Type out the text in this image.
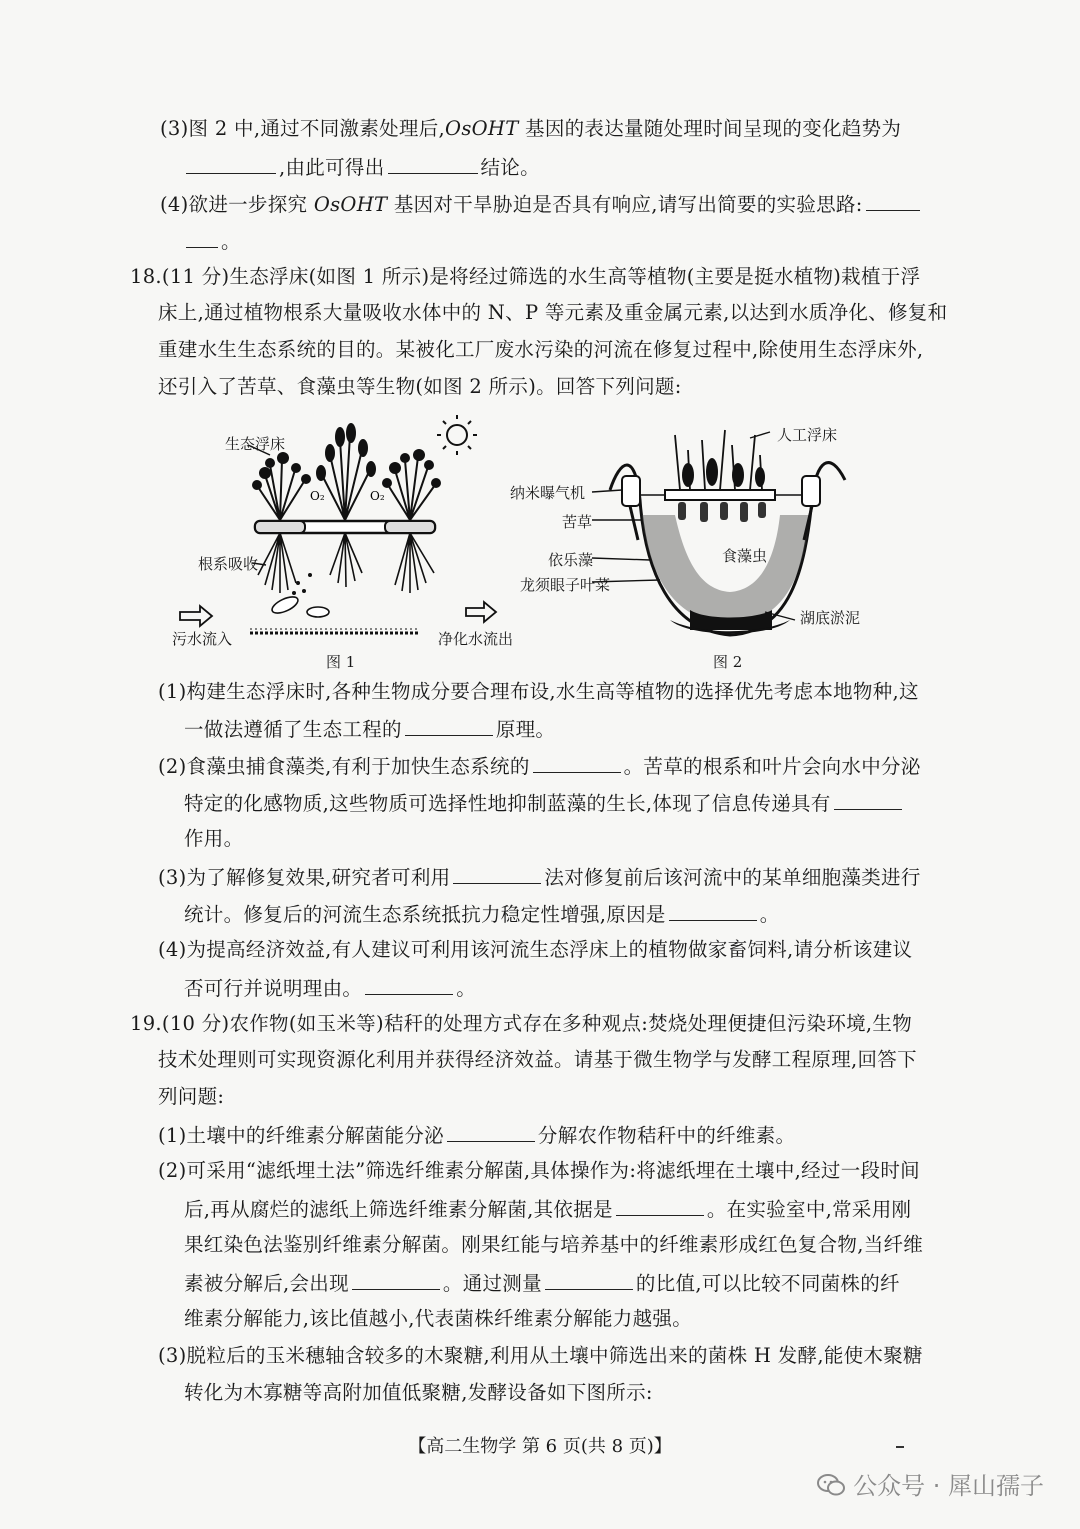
(3)图 2 中,通过不同激素处理后,OsOHT 基因的表达量随处理时间呈现的变化趋势为
,由此可得出	结论。
(4)欲进一步探究 OsOHT 基因对干旱胁迫是否具有响应,请写出简要的实验思路:
。
18.(11 分)生态浮床(如图 1 所示)是将经过筛选的水生高等植物(主要是挺水植物)栽植于浮
床上,通过植物根系大量吸收水体中的 N、P 等元素及重金属元素,以达到水质净化、修复和
重建水生生态系统的目的。某被化工厂废水污染的河流在修复过程中,除使用生态浮床外,
还引入了苦草、食藻虫等生物(如图 2 所示)。回答下列问题:
O₂	O₂
生态浮床
根系吸收
污水流入	净化水流出
图 1
人工浮床
纳米曝气机
苦草
依乐藻	食藻虫
龙须眼子叶菜
湖底淤泥
图 2
(1)构建生态浮床时,各种生物成分要合理布设,水生高等植物的选择优先考虑本地物种,这
一做法遵循了生态工程的	原理。
(2)食藻虫捕食藻类,有利于加快生态系统的	。苦草的根系和叶片会向水中分泌
特定的化感物质,这些物质可选择性地抑制蓝藻的生长,体现了信息传递具有
作用。
(3)为了解修复效果,研究者可利用	法对修复前后该河流中的某单细胞藻类进行
统计。修复后的河流生态系统抵抗力稳定性增强,原因是	。
(4)为提高经济效益,有人建议可利用该河流生态浮床上的植物做家畜饲料,请分析该建议
否可行并说明理由。	。
19.(10 分)农作物(如玉米等)秸秆的处理方式存在多种观点:焚烧处理便捷但污染环境,生物
技术处理则可实现资源化利用并获得经济效益。请基于微生物学与发酵工程原理,回答下
列问题:
(1)土壤中的纤维素分解菌能分泌	分解农作物秸秆中的纤维素。
(2)可采用“滤纸埋土法”筛选纤维素分解菌,具体操作为:将滤纸埋在土壤中,经过一段时间
后,再从腐烂的滤纸上筛选纤维素分解菌,其依据是	。在实验室中,常采用刚
果红染色法鉴别纤维素分解菌。刚果红能与培养基中的纤维素形成红色复合物,当纤维
素被分解后,会出现	。通过测量	的比值,可以比较不同菌株的纤
维素分解能力,该比值越小,代表菌株纤维素分解能力越强。
(3)脱粒后的玉米穗轴含较多的木聚糖,利用从土壤中筛选出来的菌株 H 发酵,能使木聚糖
转化为木寡糖等高附加值低聚糖,发酵设备如下图所示:
【高二生物学 第 6 页(共 8 页)】
公众号 · 犀山孺子
